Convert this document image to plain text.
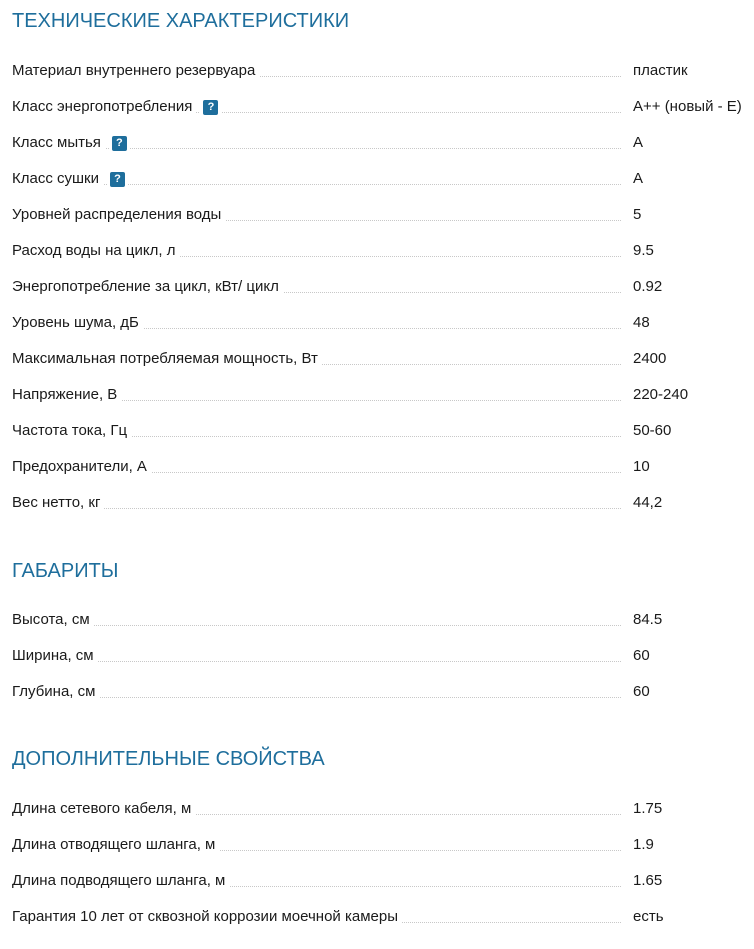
ТЕХНИЧЕСКИЕ ХАРАКТЕРИСТИКИ
Материал внутреннего резервуара	пластик
Класс энергопотребления	?	A++ (новый - E)
Класс мытья	?	A
Класс сушки	?	A
Уровней распределения воды	5
Расход воды на цикл, л	9.5
Энергопотребление за цикл, кВт/ цикл	0.92
Уровень шума, дБ	48
Максимальная потребляемая мощность, Вт	2400
Напряжение, В	220-240
Частота тока, Гц	50-60
Предохранители, А	10
Вес нетто, кг	44,2
ГАБАРИТЫ
Высота, см	84.5
Ширина, см	60
Глубина, см	60
ДОПОЛНИТЕЛЬНЫЕ СВОЙСТВА
Длина сетевого кабеля, м	1.75
Длина отводящего шланга, м	1.9
Длина подводящего шланга, м	1.65
Гарантия 10 лет от сквозной коррозии моечной камеры	есть
